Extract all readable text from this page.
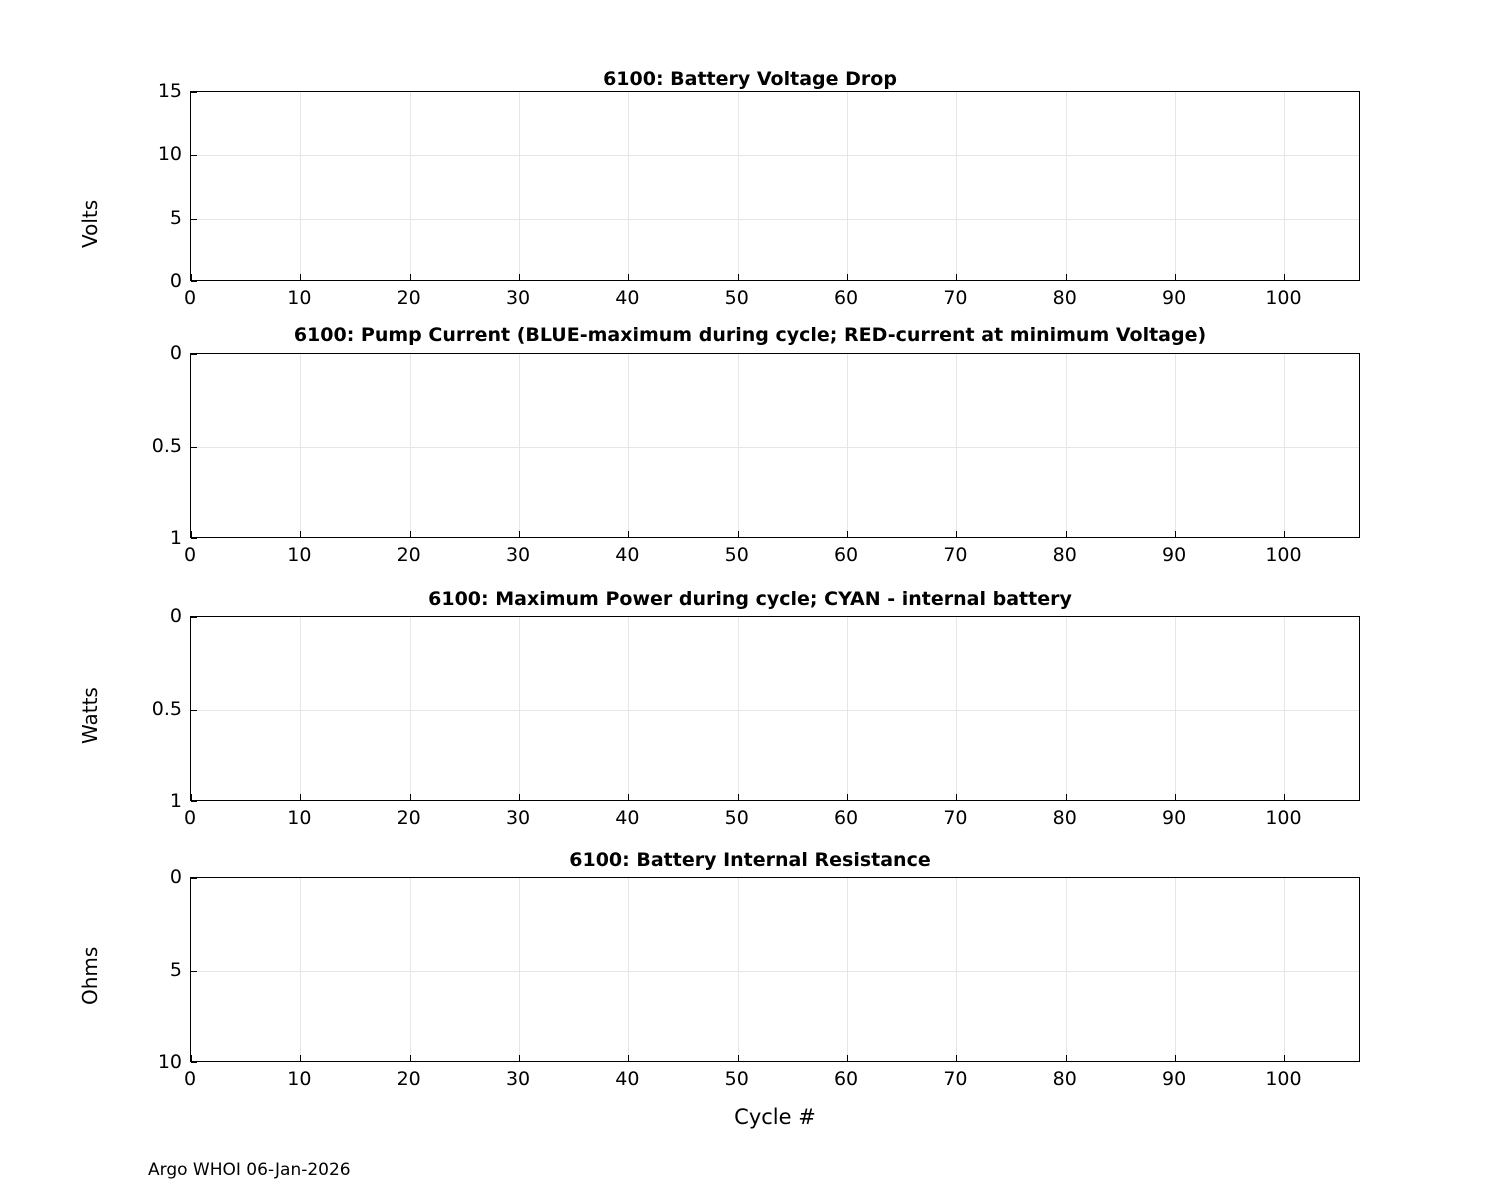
6100: Battery Voltage Drop
Volts
0	10	20	30	40	50	60	70	80	90	100
0
5
10
15
6100: Pump Current (BLUE-maximum during cycle; RED-current at minimum Voltage)
0	10	20	30	40	50	60	70	80	90	100
0
0.5
1
6100: Maximum Power during cycle; CYAN - internal battery
Watts
0	10	20	30	40	50	60	70	80	90	100
0
0.5
1
6100: Battery Internal Resistance
Ohms
Cycle #
0	10	20	30	40	50	60	70	80	90	100
0
5
10
Argo WHOI 06-Jan-2026
